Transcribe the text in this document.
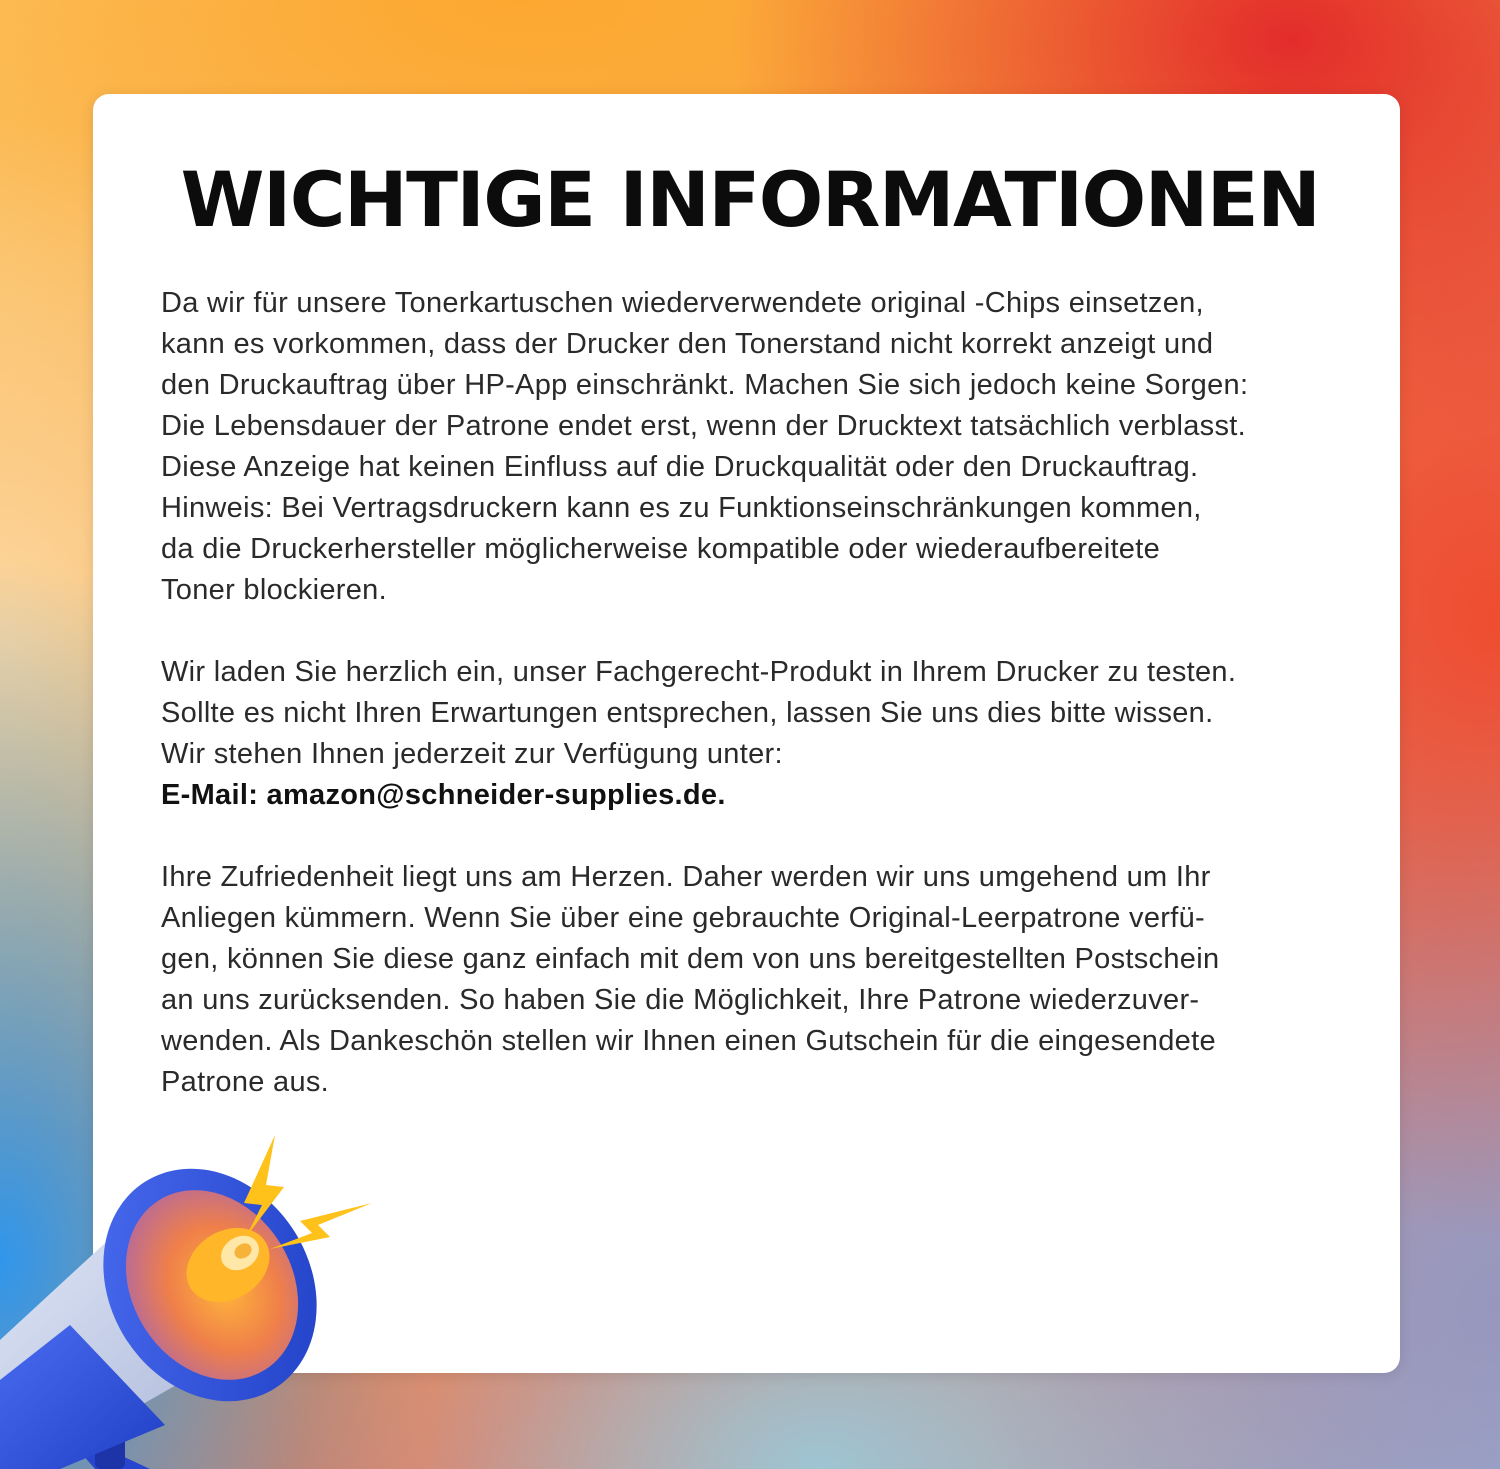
WICHTIGE INFORMATIONEN

Da wir für unsere Tonerkartuschen wiederverwendete original -Chips einsetzen,
kann es vorkommen, dass der Drucker den Tonerstand nicht korrekt anzeigt und
den Druckauftrag über HP-App einschränkt. Machen Sie sich jedoch keine Sorgen:
Die Lebensdauer der Patrone endet erst, wenn der Drucktext tatsächlich verblasst.
Diese Anzeige hat keinen Einfluss auf die Druckqualität oder den Druckauftrag.
Hinweis: Bei Vertragsdruckern kann es zu Funktionseinschränkungen kommen,
da die Druckerhersteller möglicherweise kompatible oder wiederaufbereitete
Toner blockieren.

Wir laden Sie herzlich ein, unser Fachgerecht-Produkt in Ihrem Drucker zu testen.
Sollte es nicht Ihren Erwartungen entsprechen, lassen Sie uns dies bitte wissen.
Wir stehen Ihnen jederzeit zur Verfügung unter:
E-Mail: amazon@schneider-supplies.de.

Ihre Zufriedenheit liegt uns am Herzen. Daher werden wir uns umgehend um Ihr
Anliegen kümmern. Wenn Sie über eine gebrauchte Original-Leerpatrone verfü-
gen, können Sie diese ganz einfach mit dem von uns bereitgestellten Postschein
an uns zurücksenden. So haben Sie die Möglichkeit, Ihre Patrone wiederzuver-
wenden. Als Dankeschön stellen wir Ihnen einen Gutschein für die eingesendete
Patrone aus.
